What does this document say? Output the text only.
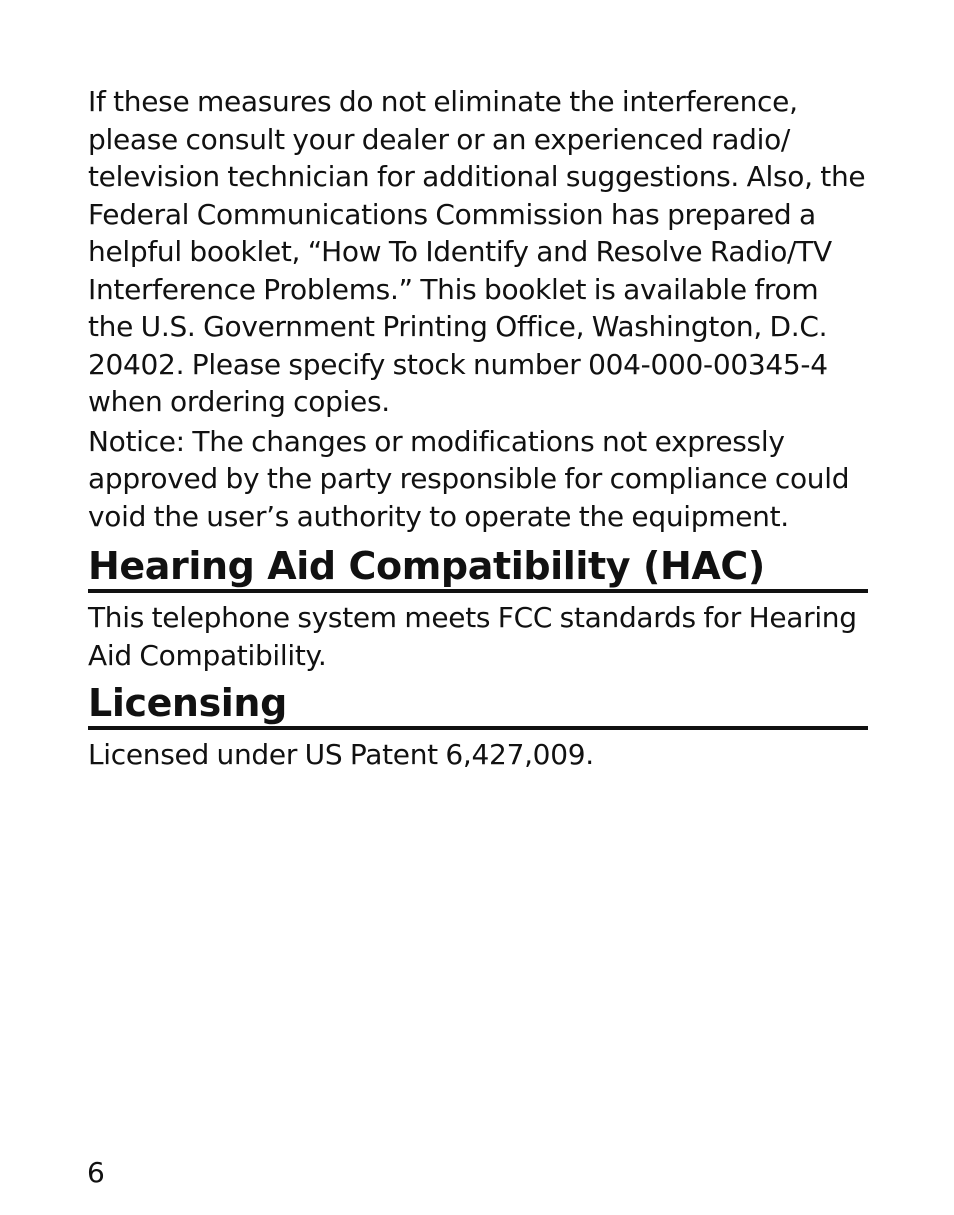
If these measures do not eliminate the interference, please consult your dealer or an experienced radio/ television technician for additional suggestions. Also, the Federal Communications Commission has prepared a helpful booklet, “How To Identify and Resolve Radio/TV Interference Problems.” This booklet is available from the U.S. Government Printing Office, Washington, D.C. 20402. Please specify stock number 004-000-00345-4 when ordering copies.

Notice: The changes or modifications not expressly approved by the party responsible for compliance could void the user’s authority to operate the equipment.

Hearing Aid Compatibility (HAC)

This telephone system meets FCC standards for Hearing Aid Compatibility.

Licensing

Licensed under US Patent 6,427,009.

6
